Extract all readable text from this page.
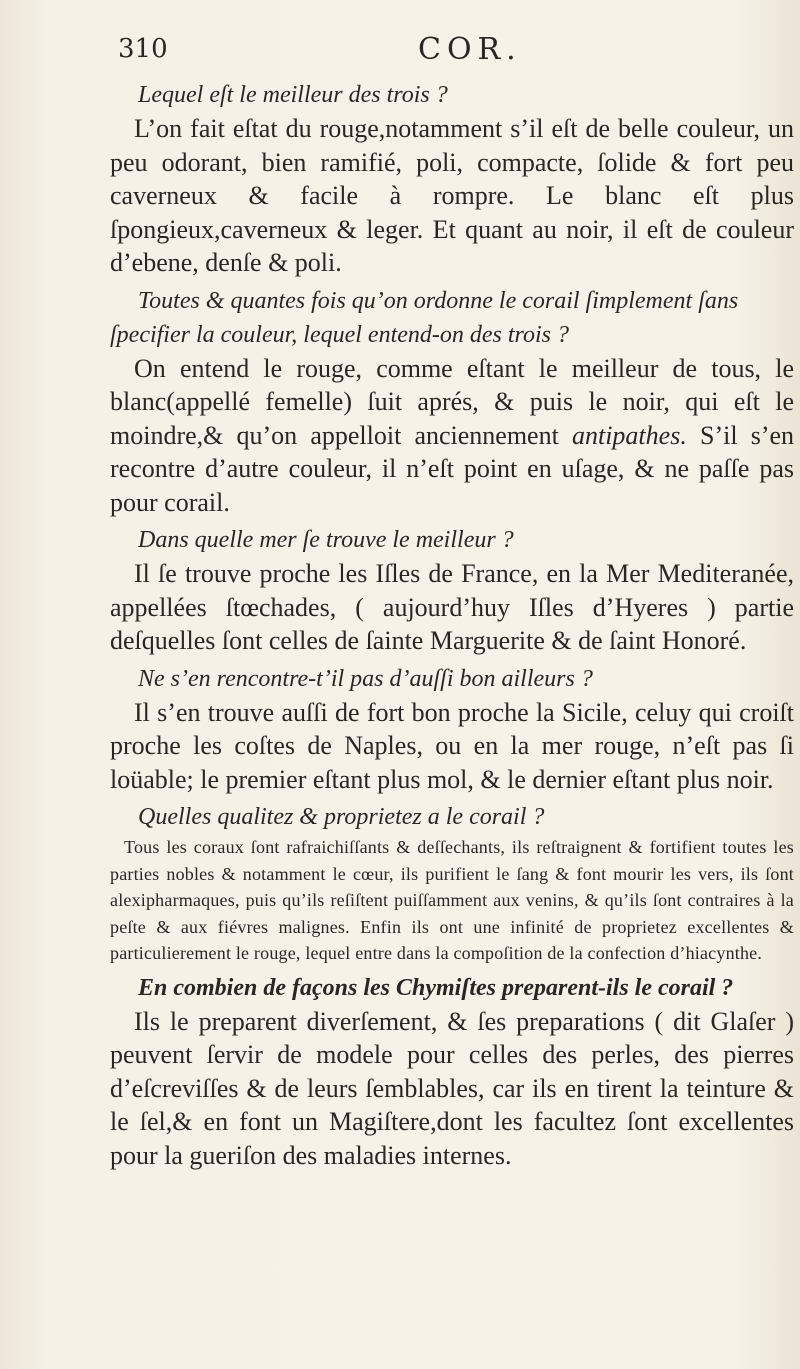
310	COR.

Lequel eſt le meilleur des trois ?

L’on fait eſtat du rouge,notamment s’il eſt de belle couleur, un peu odorant, bien ramifié, poli, compacte, ſolide & fort peu caverneux & facile à rompre. Le blanc eſt plus ſpongieux,caverneux & leger. Et quant au noir, il eſt de couleur d’ebene, denſe & poli.

Toutes & quantes fois qu’on ordonne le corail ſimplement ſans ſpecifier la couleur, lequel entend-on des trois ?

On entend le rouge, comme eſtant le meilleur de tous, le blanc(appellé femelle) ſuit aprés, & puis le noir, qui eſt le moindre,& qu’on appelloit anciennement antipathes. S’il s’en recontre d’autre couleur, il n’eſt point en uſage, & ne paſſe pas pour corail.

Dans quelle mer ſe trouve le meilleur ?

Il ſe trouve proche les Iſles de France, en la Mer Mediteranée, appellées ſtœchades, ( aujourd’huy Iſles d’Hyeres ) partie deſquelles ſont celles de ſainte Marguerite & de ſaint Honoré.

Ne s’en rencontre-t’il pas d’auſſi bon ailleurs ?

Il s’en trouve auſſi de fort bon proche la Sicile, celuy qui croiſt proche les coſtes de Naples, ou en la mer rouge, n’eſt pas ſi loüable; le premier eſtant plus mol, & le dernier eſtant plus noir.

Quelles qualitez & proprietez a le corail ?

Tous les coraux ſont rafraichiſſants & deſſechants, ils reſtraignent & fortifient toutes les parties nobles & notamment le cœur, ils purifient le ſang & font mourir les vers, ils ſont alexipharmaques, puis qu’ils reſiſtent puiſſamment aux venins, & qu’ils ſont contraires à la peſte & aux fiévres malignes. Enfin ils ont une infinité de proprietez excellentes & particulierement le rouge, lequel entre dans la compoſition de la confection d’hiacynthe.

En combien de façons les Chymiſtes preparent-ils le corail ?

Ils le preparent diverſement, & ſes preparations ( dit Glaſer ) peuvent ſervir de modele pour celles des perles, des pierres d’eſcreviſſes & de leurs ſemblables, car ils en tirent la teinture & le ſel,& en font un Magiſtere,dont les facultez ſont excellentes pour la gueriſon des maladies internes.
